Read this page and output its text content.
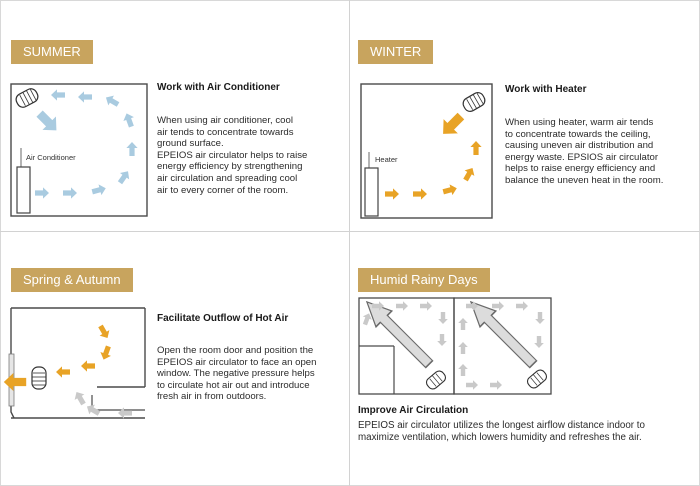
SUMMER
Air Conditioner
Work with Air Conditioner
When using air conditioner, cool
air tends to concentrate towards
ground surface.
EPEIOS air circulator helps to raise
energy efficiency by strengthening
air circulation and spreading cool
air to every corner of the room.
WINTER
Heater
Work with Heater
When using heater, warm air tends
to concentrate towards the ceiling,
causing uneven air distribution and
energy waste. EPSIOS air circulator
helps to raise energy efficiency and
balance the uneven heat in the room.
Spring & Autumn
Facilitate Outflow of Hot Air
Open the room door and position the
EPEIOS air circulator to face an open
window. The negative pressure helps
to circulate hot air out and introduce
fresh air in from outdoors.
Humid Rainy Days
Improve Air Circulation
EPEIOS air circulator utilizes the longest airflow distance indoor to
maximize ventilation, which lowers humidity and refreshes the air.
